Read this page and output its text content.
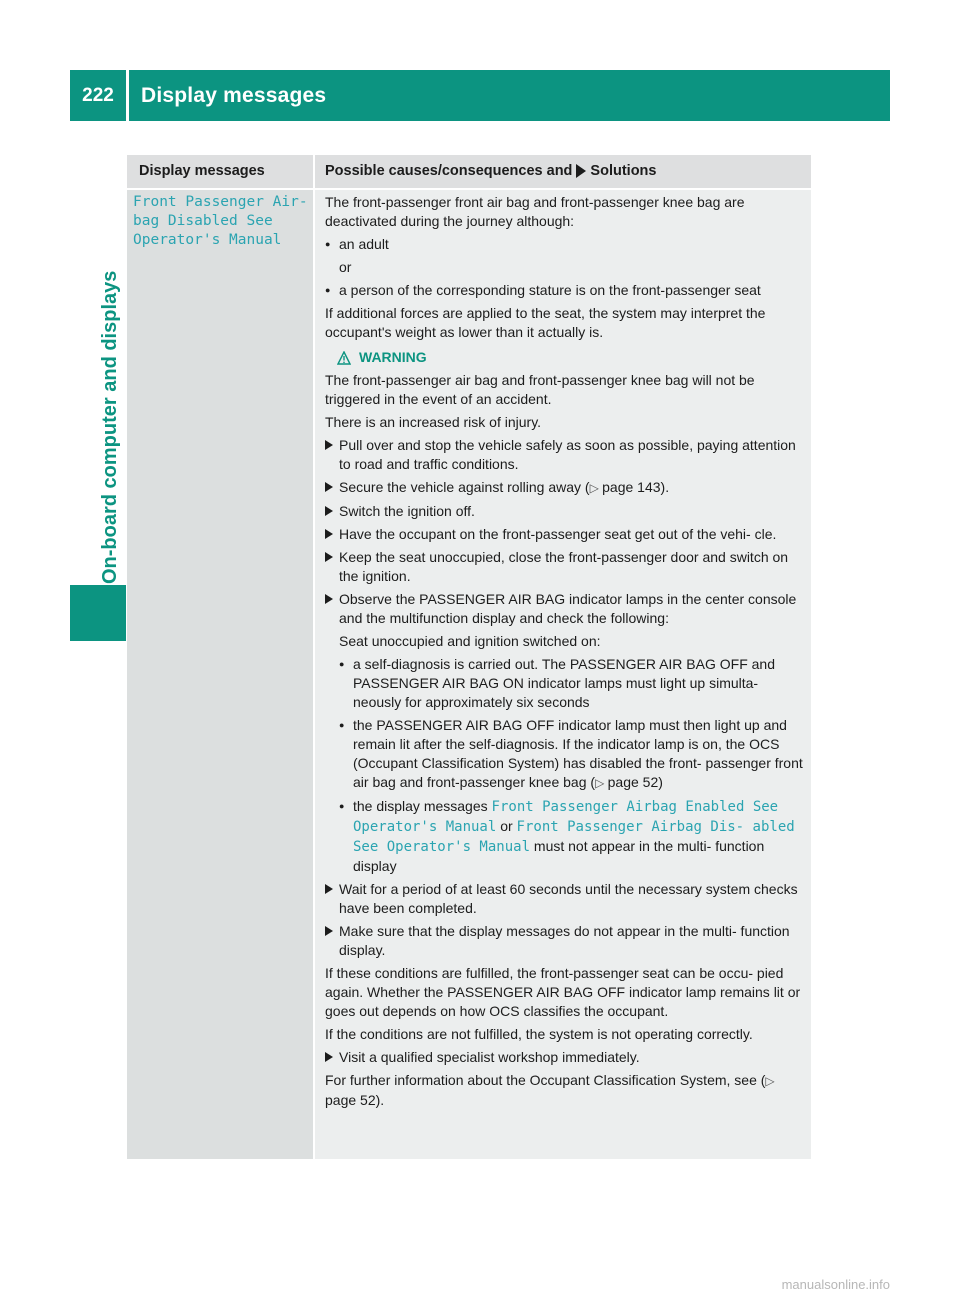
222	Display messages
On-board computer and displays
Display messages	Possible causes/consequences and Solutions
Front Passenger Air‐
bag Disabled See
Operator's Manual

The front-passenger front air bag and front-passenger knee bag are deactivated during the journey although:

● an adult
or
● a person of the corresponding stature is on the front-passenger seat

If additional forces are applied to the seat, the system may interpret the occupant's weight as lower than it actually is.

WARNING

The front-passenger air bag and front-passenger knee bag will not be triggered in the event of an accident.

There is an increased risk of injury.

Pull over and stop the vehicle safely as soon as possible, paying attention to road and traffic conditions.
Secure the vehicle against rolling away (▷ page 143).
Switch the ignition off.
Have the occupant on the front-passenger seat get out of the vehi- cle.
Keep the seat unoccupied, close the front-passenger door and switch on the ignition.
Observe the PASSENGER AIR BAG indicator lamps in the center console and the multifunction display and check the following:
Seat unoccupied and ignition switched on:
● a self-diagnosis is carried out. The PASSENGER AIR BAG OFF and PASSENGER AIR BAG ON indicator lamps must light up simulta- neously for approximately six seconds
● the PASSENGER AIR BAG OFF indicator lamp must then light up and remain lit after the self-diagnosis. If the indicator lamp is on, the OCS (Occupant Classification System) has disabled the front- passenger front air bag and front-passenger knee bag (▷ page 52)
● the display messages Front Passenger Airbag Enabled See Operator's Manual or Front Passenger Airbag Dis‐ abled See Operator's Manual must not appear in the multi- function display
Wait for a period of at least 60 seconds until the necessary system checks have been completed.
Make sure that the display messages do not appear in the multi- function display.

If these conditions are fulfilled, the front-passenger seat can be occu- pied again. Whether the PASSENGER AIR BAG OFF indicator lamp remains lit or goes out depends on how OCS classifies the occupant.

If the conditions are not fulfilled, the system is not operating correctly.

Visit a qualified specialist workshop immediately.

For further information about the Occupant Classification System, see (▷ page 52).

manualsonline.info
